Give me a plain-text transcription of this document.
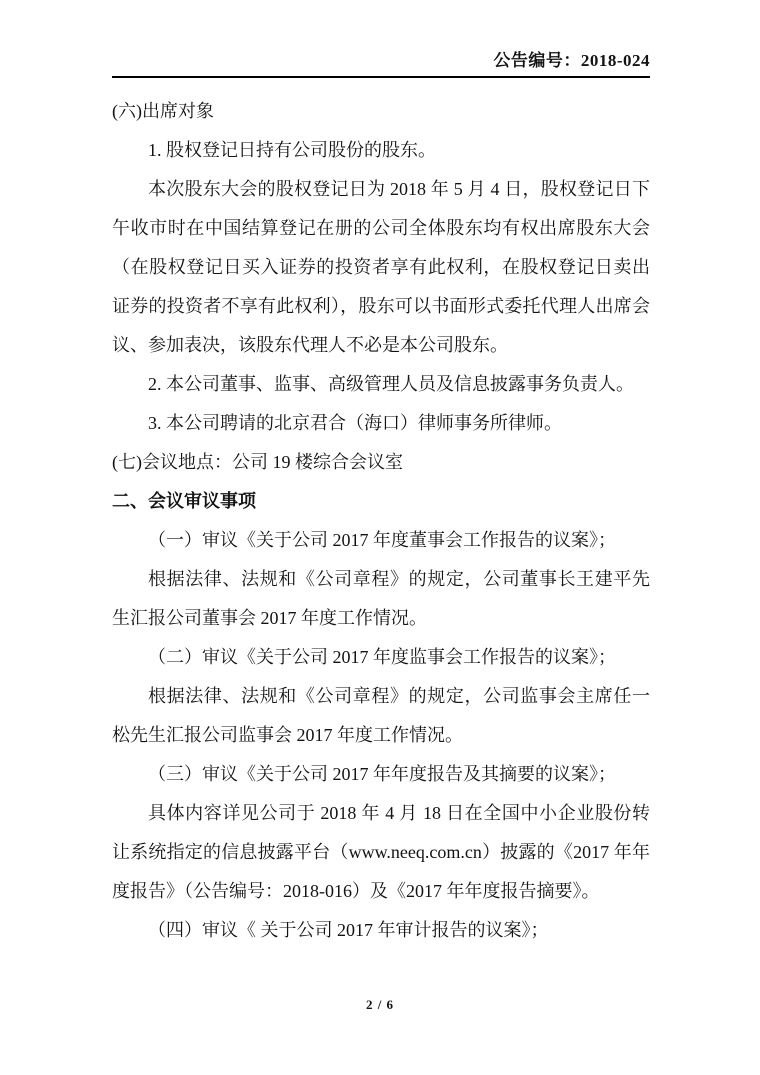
公告编号：2018-024

(六)出席对象

1. 股权登记日持有公司股份的股东。

本次股东大会的股权登记日为 2018 年 5 月 4 日，股权登记日下午收市时在中国结算登记在册的公司全体股东均有权出席股东大会（在股权登记日买入证券的投资者享有此权利，在股权登记日卖出证券的投资者不享有此权利），股东可以书面形式委托代理人出席会议、参加表决，该股东代理人不必是本公司股东。

2. 本公司董事、监事、高级管理人员及信息披露事务负责人。

3. 本公司聘请的北京君合（海口）律师事务所律师。

(七)会议地点：公司 19 楼综合会议室

二、会议审议事项

（一）审议《关于公司 2017 年度董事会工作报告的议案》；

根据法律、法规和《公司章程》的规定，公司董事长王建平先生汇报公司董事会 2017 年度工作情况。

（二）审议《关于公司 2017 年度监事会工作报告的议案》；

根据法律、法规和《公司章程》的规定，公司监事会主席任一松先生汇报公司监事会 2017 年度工作情况。

（三）审议《关于公司 2017 年年度报告及其摘要的议案》；

具体内容详见公司于 2018 年 4 月 18 日在全国中小企业股份转让系统指定的信息披露平台（www.neeq.com.cn）披露的《2017 年年度报告》（公告编号：2018-016）及《2017 年年度报告摘要》。

（四）审议《 关于公司 2017 年审计报告的议案》；

2 / 6
